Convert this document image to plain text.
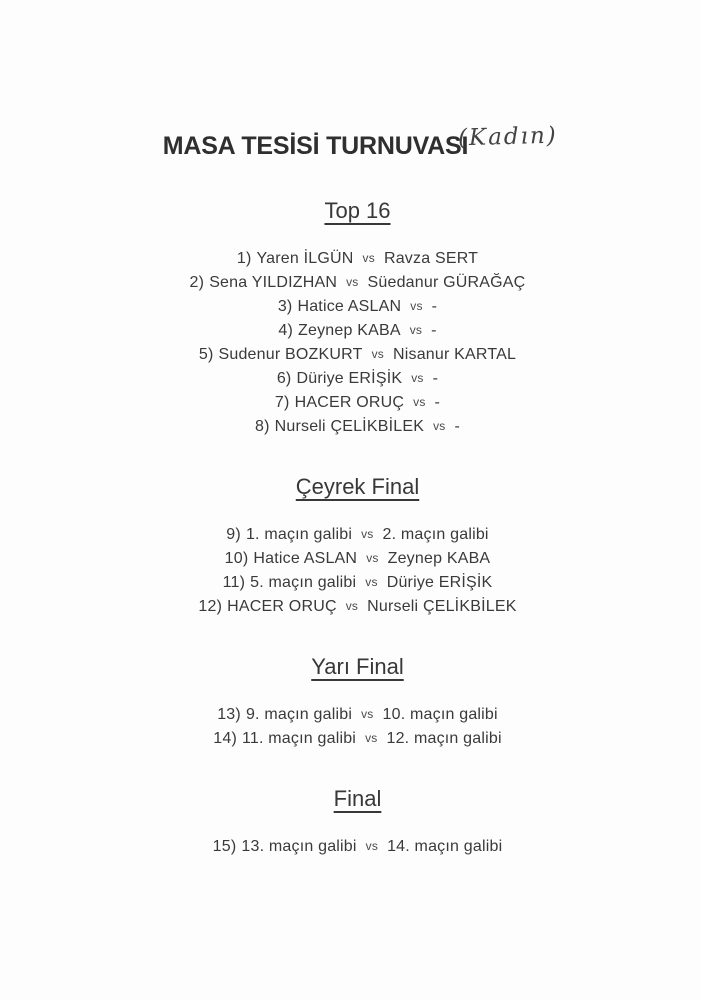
MASA TESİSİ TURNUVASI
(Kadın)
Top 16
1) Yaren İLGÜN vs Ravza SERT
2) Sena YILDIZHAN vs Süedanur GÜRAĞAÇ
3) Hatice ASLAN vs -
4) Zeynep KABA vs -
5) Sudenur BOZKURT vs Nisanur KARTAL
6) Düriye ERİŞİK vs -
7) HACER ORUÇ vs -
8) Nurseli ÇELİKBİLEK vs -
Çeyrek Final
9) 1. maçın galibi vs 2. maçın galibi
10) Hatice ASLAN vs Zeynep KABA
11) 5. maçın galibi vs Düriye ERİŞİK
12) HACER ORUÇ vs Nurseli ÇELİKBİLEK
Yarı Final
13) 9. maçın galibi vs 10. maçın galibi
14) 11. maçın galibi vs 12. maçın galibi
Final
15) 13. maçın galibi vs 14. maçın galibi
